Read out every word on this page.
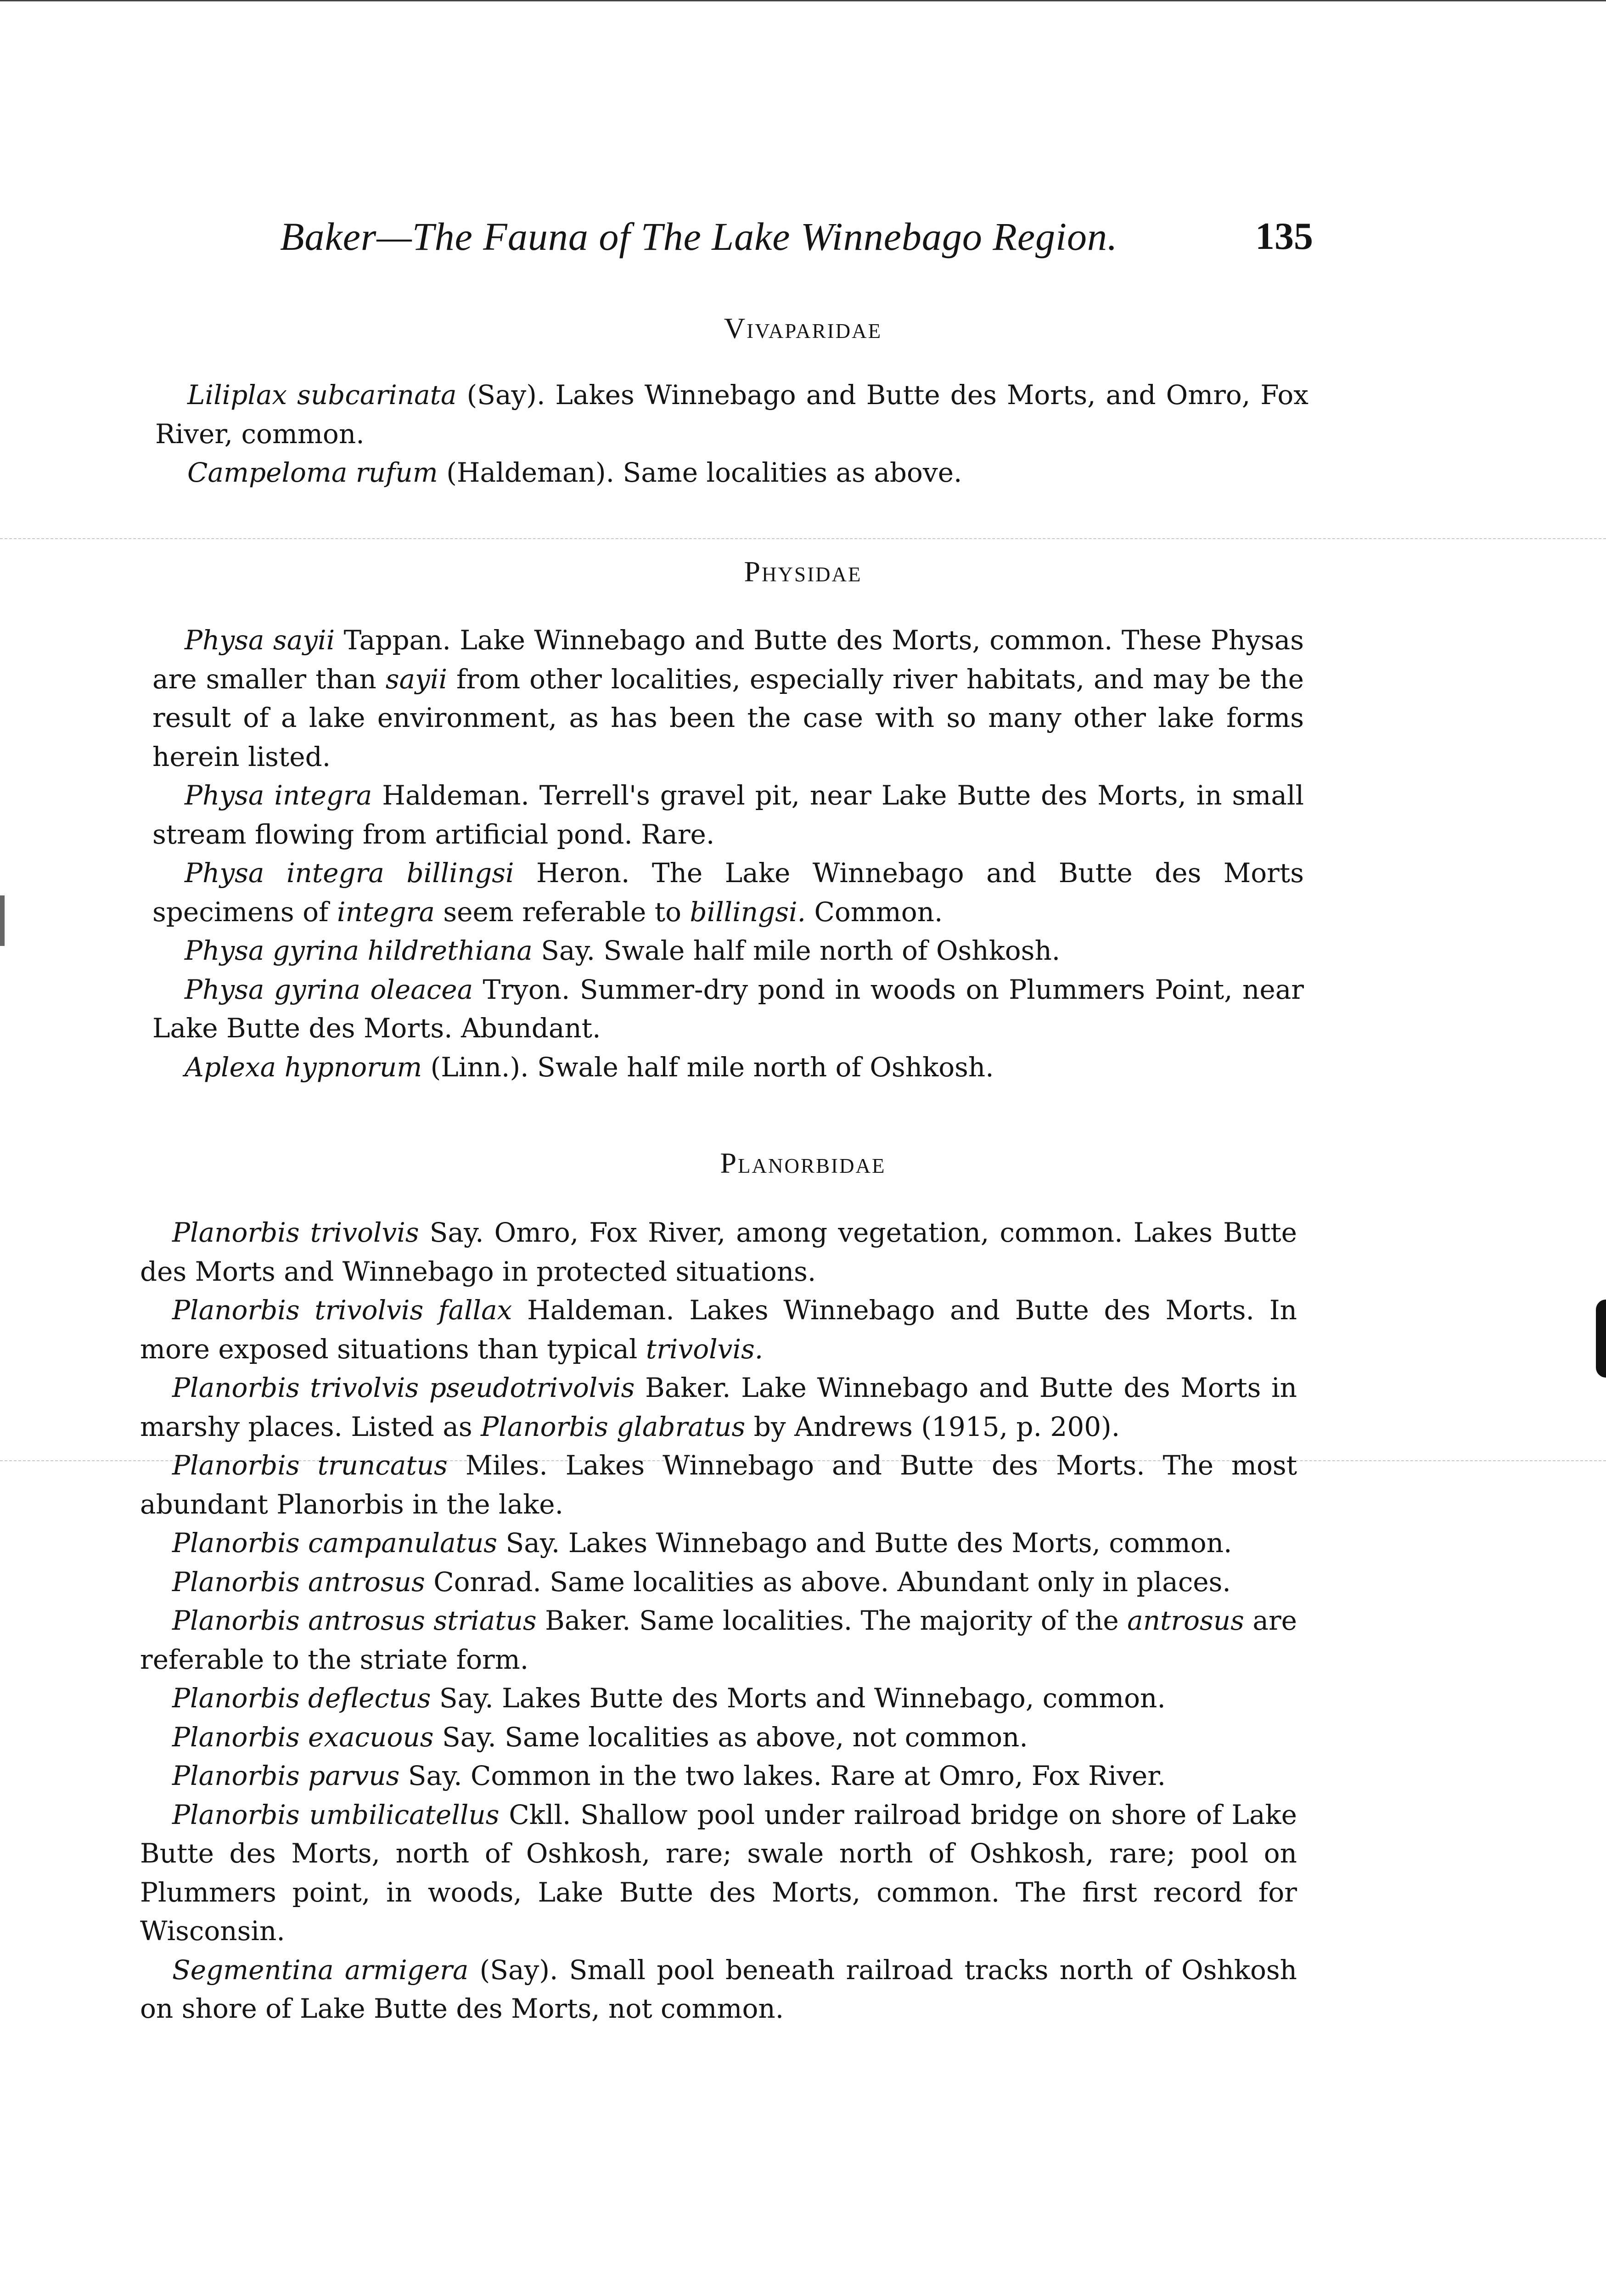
Baker—The Fauna of The Lake Winnebago Region.	135
Vivaparidae

Liliplax subcarinata (Say). Lakes Winnebago and Butte des Morts, and Omro, Fox River, common.

Campeloma rufum (Haldeman). Same localities as above.

Physidae

Physa sayii Tappan. Lake Winnebago and Butte des Morts, common. These Physas are smaller than sayii from other localities, especially river habitats, and may be the result of a lake environment, as has been the case with so many other lake forms herein listed.

Physa integra Haldeman. Terrell's gravel pit, near Lake Butte des Morts, in small stream flowing from artificial pond. Rare.

Physa integra billingsi Heron. The Lake Winnebago and Butte des Morts specimens of integra seem referable to billingsi. Common.

Physa gyrina hildrethiana Say. Swale half mile north of Oshkosh.

Physa gyrina oleacea Tryon. Summer-dry pond in woods on Plummers Point, near Lake Butte des Morts. Abundant.

Aplexa hypnorum (Linn.). Swale half mile north of Oshkosh.

Planorbidae

Planorbis trivolvis Say. Omro, Fox River, among vegetation, common. Lakes Butte des Morts and Winnebago in protected situations.

Planorbis trivolvis fallax Haldeman. Lakes Winnebago and Butte des Morts. In more exposed situations than typical trivolvis.

Planorbis trivolvis pseudotrivolvis Baker. Lake Winnebago and Butte des Morts in marshy places. Listed as Planorbis glabratus by Andrews (1915, p. 200).

Planorbis truncatus Miles. Lakes Winnebago and Butte des Morts. The most abundant Planorbis in the lake.

Planorbis campanulatus Say. Lakes Winnebago and Butte des Morts, common.

Planorbis antrosus Conrad. Same localities as above. Abundant only in places.

Planorbis antrosus striatus Baker. Same localities. The majority of the antrosus are referable to the striate form.

Planorbis deflectus Say. Lakes Butte des Morts and Winnebago, common.

Planorbis exacuous Say. Same localities as above, not common.

Planorbis parvus Say. Common in the two lakes. Rare at Omro, Fox River.

Planorbis umbilicatellus Ckll. Shallow pool under railroad bridge on shore of Lake Butte des Morts, north of Oshkosh, rare; swale north of Oshkosh, rare; pool on Plummers point, in woods, Lake Butte des Morts, common. The first record for Wisconsin.

Segmentina armigera (Say). Small pool beneath railroad tracks north of Oshkosh on shore of Lake Butte des Morts, not common.
